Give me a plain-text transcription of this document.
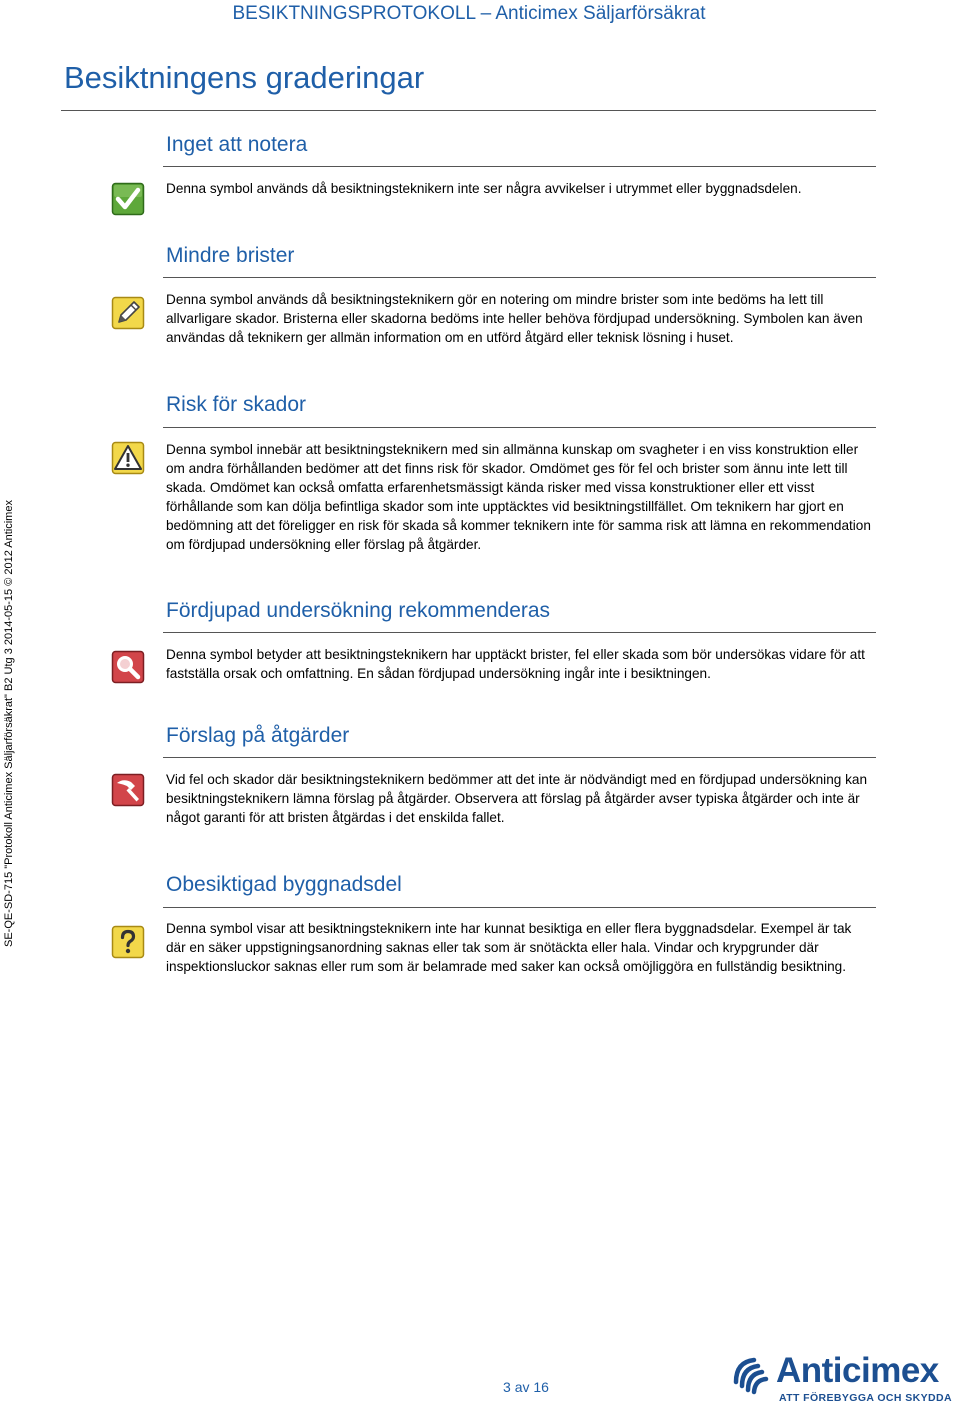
BESIKTNINGSPROTOKOLL – Anticimex Säljarförsäkrat
Besiktningens graderingar
Inget att notera
Denna symbol används då besiktningsteknikern inte ser några avvikelser i utrymmet eller byggnadsdelen.
Mindre brister
Denna symbol används då besiktningsteknikern gör en notering om mindre brister som inte bedöms ha lett till allvarligare skador. Bristerna eller skadorna bedöms inte heller behöva fördjupad undersökning. Symbolen kan även användas då teknikern ger allmän information om en utförd åtgärd eller teknisk lösning i huset.
Risk för skador
Denna symbol innebär att besiktningsteknikern med sin allmänna kunskap om svagheter i en viss konstruktion eller om andra förhållanden bedömer att det finns risk för skador. Omdömet ges för fel och brister som ännu inte lett till skada. Omdömet kan också omfatta erfarenhetsmässigt kända risker med vissa konstruktioner eller ett visst förhållande som kan dölja befintliga skador som inte upptäcktes vid besiktningstillfället. Om teknikern har gjort en bedömning att det föreligger en risk för skada så kommer teknikern inte för samma risk att lämna en rekommendation om fördjupad undersökning eller förslag på åtgärder.
Fördjupad undersökning rekommenderas
Denna symbol betyder att besiktningsteknikern har upptäckt brister, fel eller skada som bör undersökas vidare för att fastställa orsak och omfattning. En sådan fördjupad undersökning ingår inte i besiktningen.
Förslag på åtgärder
Vid fel och skador där besiktningsteknikern bedömmer att det inte är nödvändigt med en fördjupad undersökning kan besiktningsteknikern lämna förslag på åtgärder. Observera att förslag på åtgärder avser typiska åtgärder och inte är något garanti för att bristen åtgärdas i det enskilda fallet.
Obesiktigad byggnadsdel
Denna symbol visar att besiktningsteknikern inte har kunnat besiktiga en eller flera byggnadsdelar. Exempel är tak där en säker uppstigningsanordning saknas eller tak som är snötäckta eller hala. Vindar och krypgrunder där inspektionsluckor saknas eller rum som är belamrade med saker kan också omöjliggöra en fullständig besiktning.
SE-QE-SD-715 "Protokoll Anticimex Säljarförsäkrat" B2 Utg 3 2014-05-15 © 2012 Anticimex
3 av 16	Anticimex
ATT FÖREBYGGA OCH SKYDDA
